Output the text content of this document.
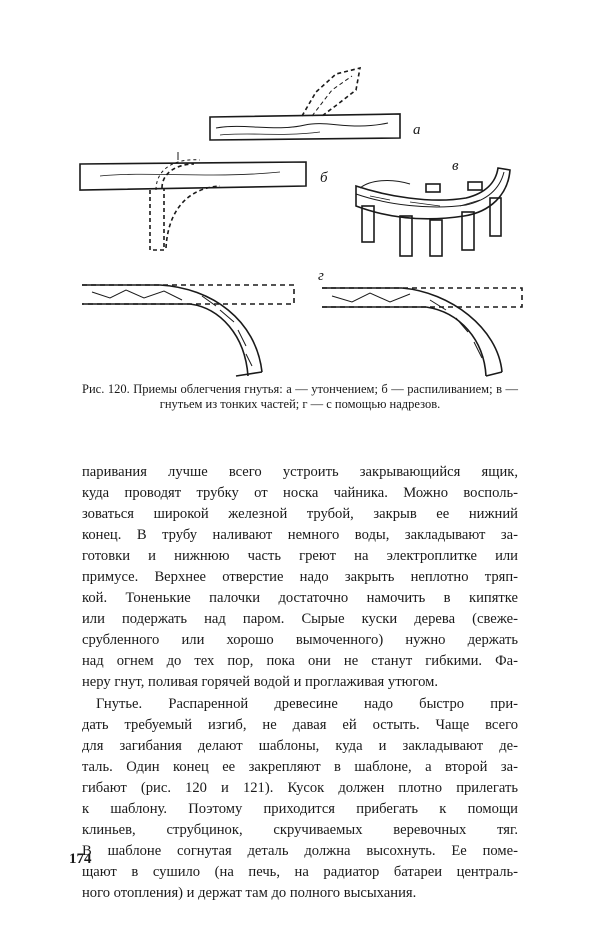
а
б
в
г
Рис. 120. Приемы облегчения гнутья: а — утончением; б — распиливанием; в — гнутьем из тонких частей; г — с помощью надрезов.
паривания лучше всего устроить закрывающийся ящик,
куда проводят трубку от носка чайника. Можно восполь-
зоваться широкой железной трубой, закрыв ее нижний
конец. В трубу наливают немного воды, закладывают за-
готовки и нижнюю часть греют на электроплитке или
примусе. Верхнее отверстие надо закрыть неплотно тряп-
кой. Тоненькие палочки достаточно намочить в кипятке
или подержать над паром. Сырые куски дерева (свеже-
срубленного или хорошо вымоченного) нужно держать
над огнем до тех пор, пока они не станут гибкими. Фа-
неру гнут, поливая горячей водой и проглаживая утюгом.
Гнутье. Распаренной древесине надо быстро при-
дать требуемый изгиб, не давая ей остыть. Чаще всего
для загибания делают шаблоны, куда и закладывают де-
таль. Один конец ее закрепляют в шаблоне, а второй за-
гибают (рис. 120 и 121). Кусок должен плотно прилегать
к шаблону. Поэтому приходится прибегать к помощи
клиньев, струбцинок, скручиваемых веревочных тяг.
В шаблоне согнутая деталь должна высохнуть. Ее поме-
щают в сушило (на печь, на радиатор батареи централь-
ного отопления) и держат там до полного высыхания.
174
